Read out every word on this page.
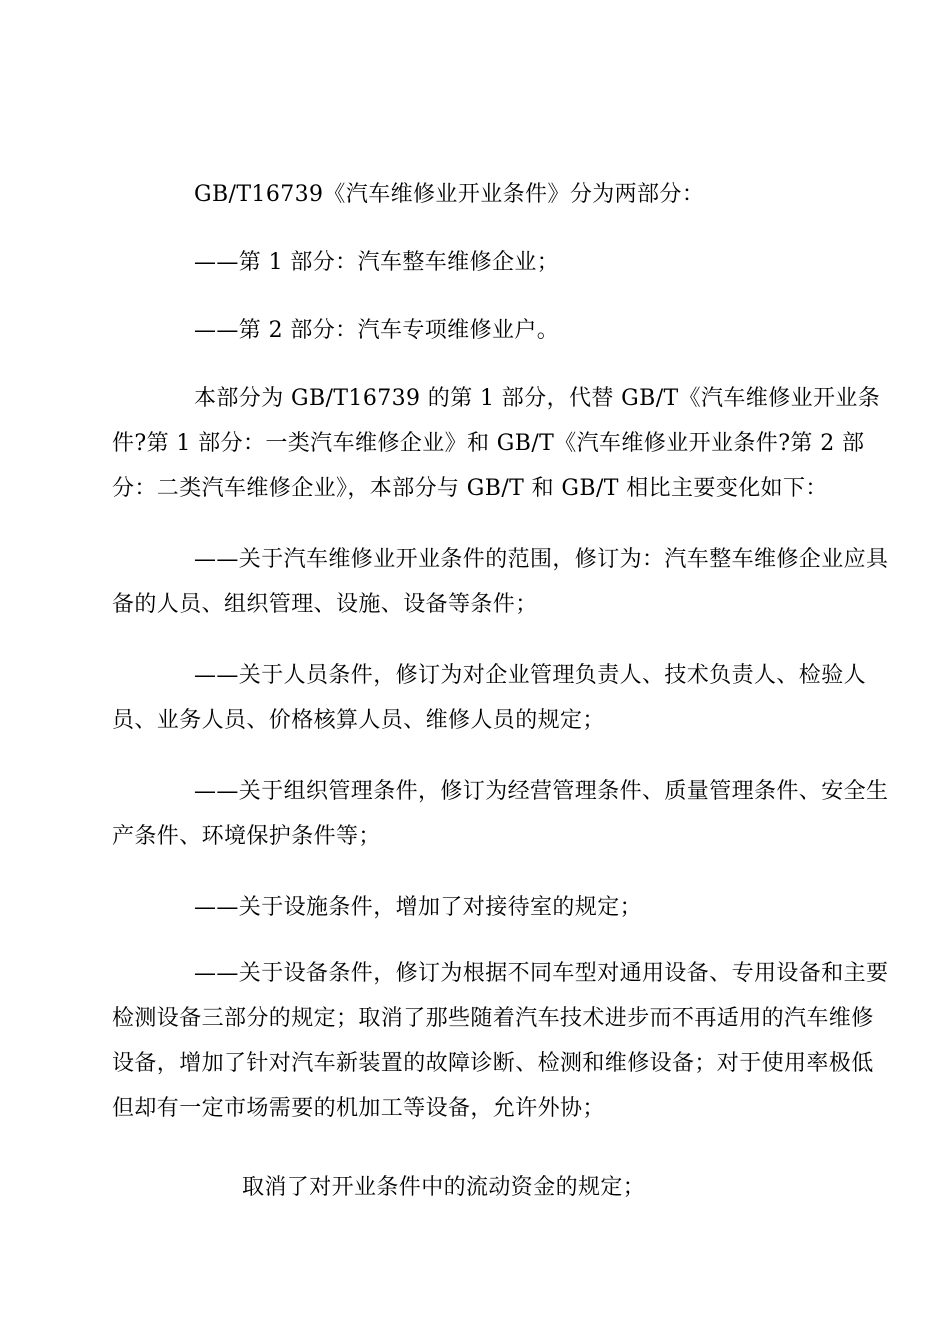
GB/T16739《汽车维修业开业条件》分为两部分：

——第 1 部分：汽车整车维修企业；

——第 2 部分：汽车专项维修业户。

本部分为 GB/T16739 的第 1 部分，代替 GB/T《汽车维修业开业条件?第 1 部分：一类汽车维修企业》和 GB/T《汽车维修业开业条件?第 2 部分：二类汽车维修企业》，本部分与 GB/T 和 GB/T 相比主要变化如下：

——关于汽车维修业开业条件的范围，修订为：汽车整车维修企业应具备的人员、组织管理、设施、设备等条件；

——关于人员条件，修订为对企业管理负责人、技术负责人、检验人员、业务人员、价格核算人员、维修人员的规定；

——关于组织管理条件，修订为经营管理条件、质量管理条件、安全生产条件、环境保护条件等；

——关于设施条件，增加了对接待室的规定；

——关于设备条件，修订为根据不同车型对通用设备、专用设备和主要检测设备三部分的规定；取消了那些随着汽车技术进步而不再适用的汽车维修设备，增加了针对汽车新装置的故障诊断、检测和维修设备；对于使用率极低但却有一定市场需要的机加工等设备，允许外协；

取消了对开业条件中的流动资金的规定；
